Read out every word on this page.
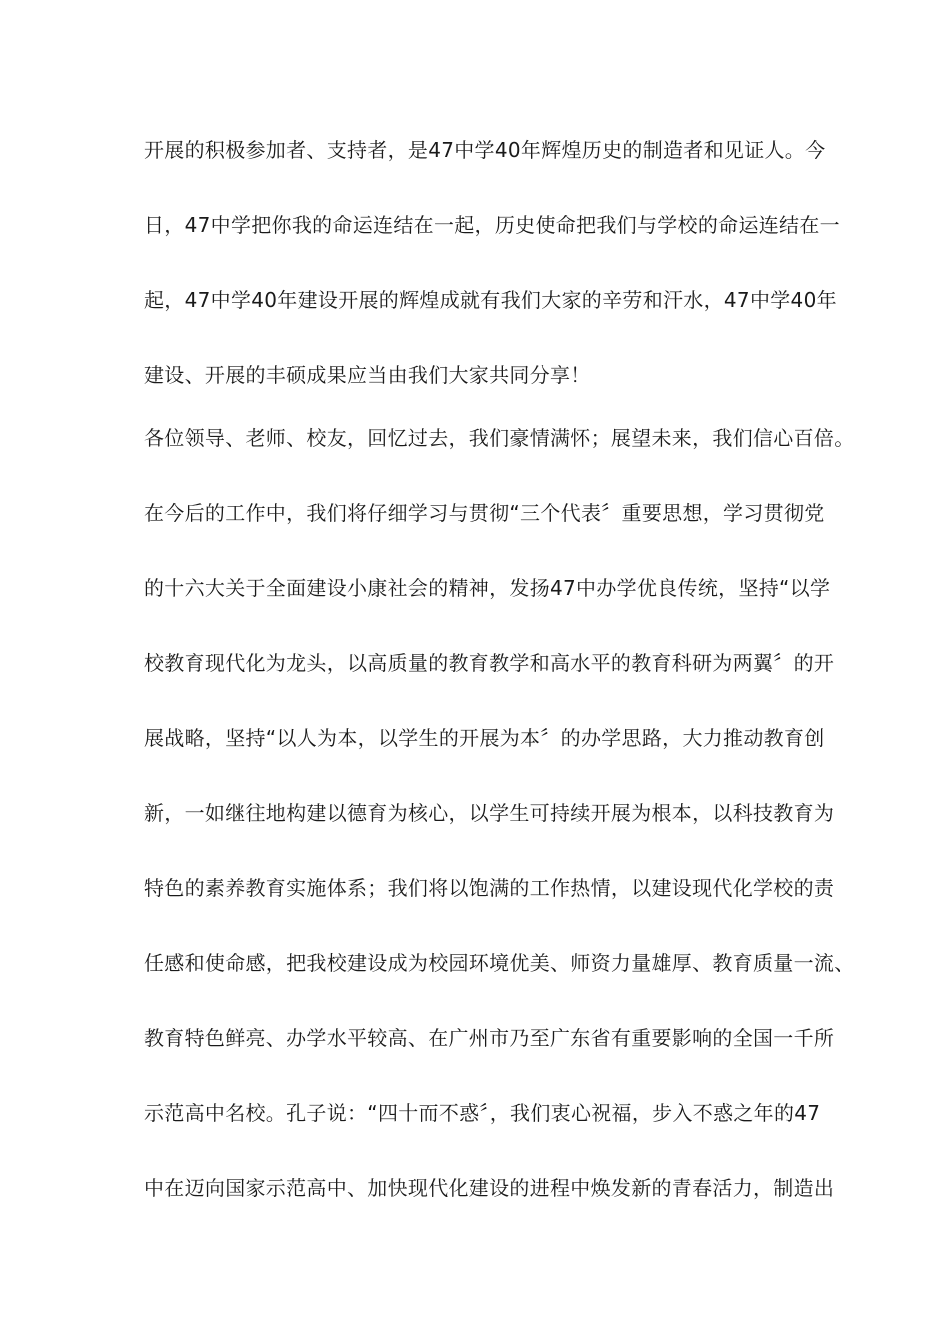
开展的积极参加者、支持者，是47中学40年辉煌历史的制造者和见证人。今
日，47中学把你我的命运连结在一起，历史使命把我们与学校的命运连结在一
起，47中学40年建设开展的辉煌成就有我们大家的辛劳和汗水，47中学40年
建设、开展的丰硕成果应当由我们大家共同分享！
各位领导、老师、校友，回忆过去，我们豪情满怀；展望未来，我们信心百倍。
在今后的工作中，我们将仔细学习与贯彻“三个代表〞重要思想，学习贯彻党
的十六大关于全面建设小康社会的精神，发扬47中办学优良传统，坚持“以学
校教育现代化为龙头，以高质量的教育教学和高水平的教育科研为两翼〞的开
展战略，坚持“以人为本，以学生的开展为本〞的办学思路，大力推动教育创
新，一如继往地构建以德育为核心，以学生可持续开展为根本，以科技教育为
特色的素养教育实施体系；我们将以饱满的工作热情，以建设现代化学校的责
任感和使命感，把我校建设成为校园环境优美、师资力量雄厚、教育质量一流、
教育特色鲜亮、办学水平较高、在广州市乃至广东省有重要影响的全国一千所
示范高中名校。孔子说：“四十而不惑〞，我们衷心祝福，步入不惑之年的47
中在迈向国家示范高中、加快现代化建设的进程中焕发新的青春活力，制造出
